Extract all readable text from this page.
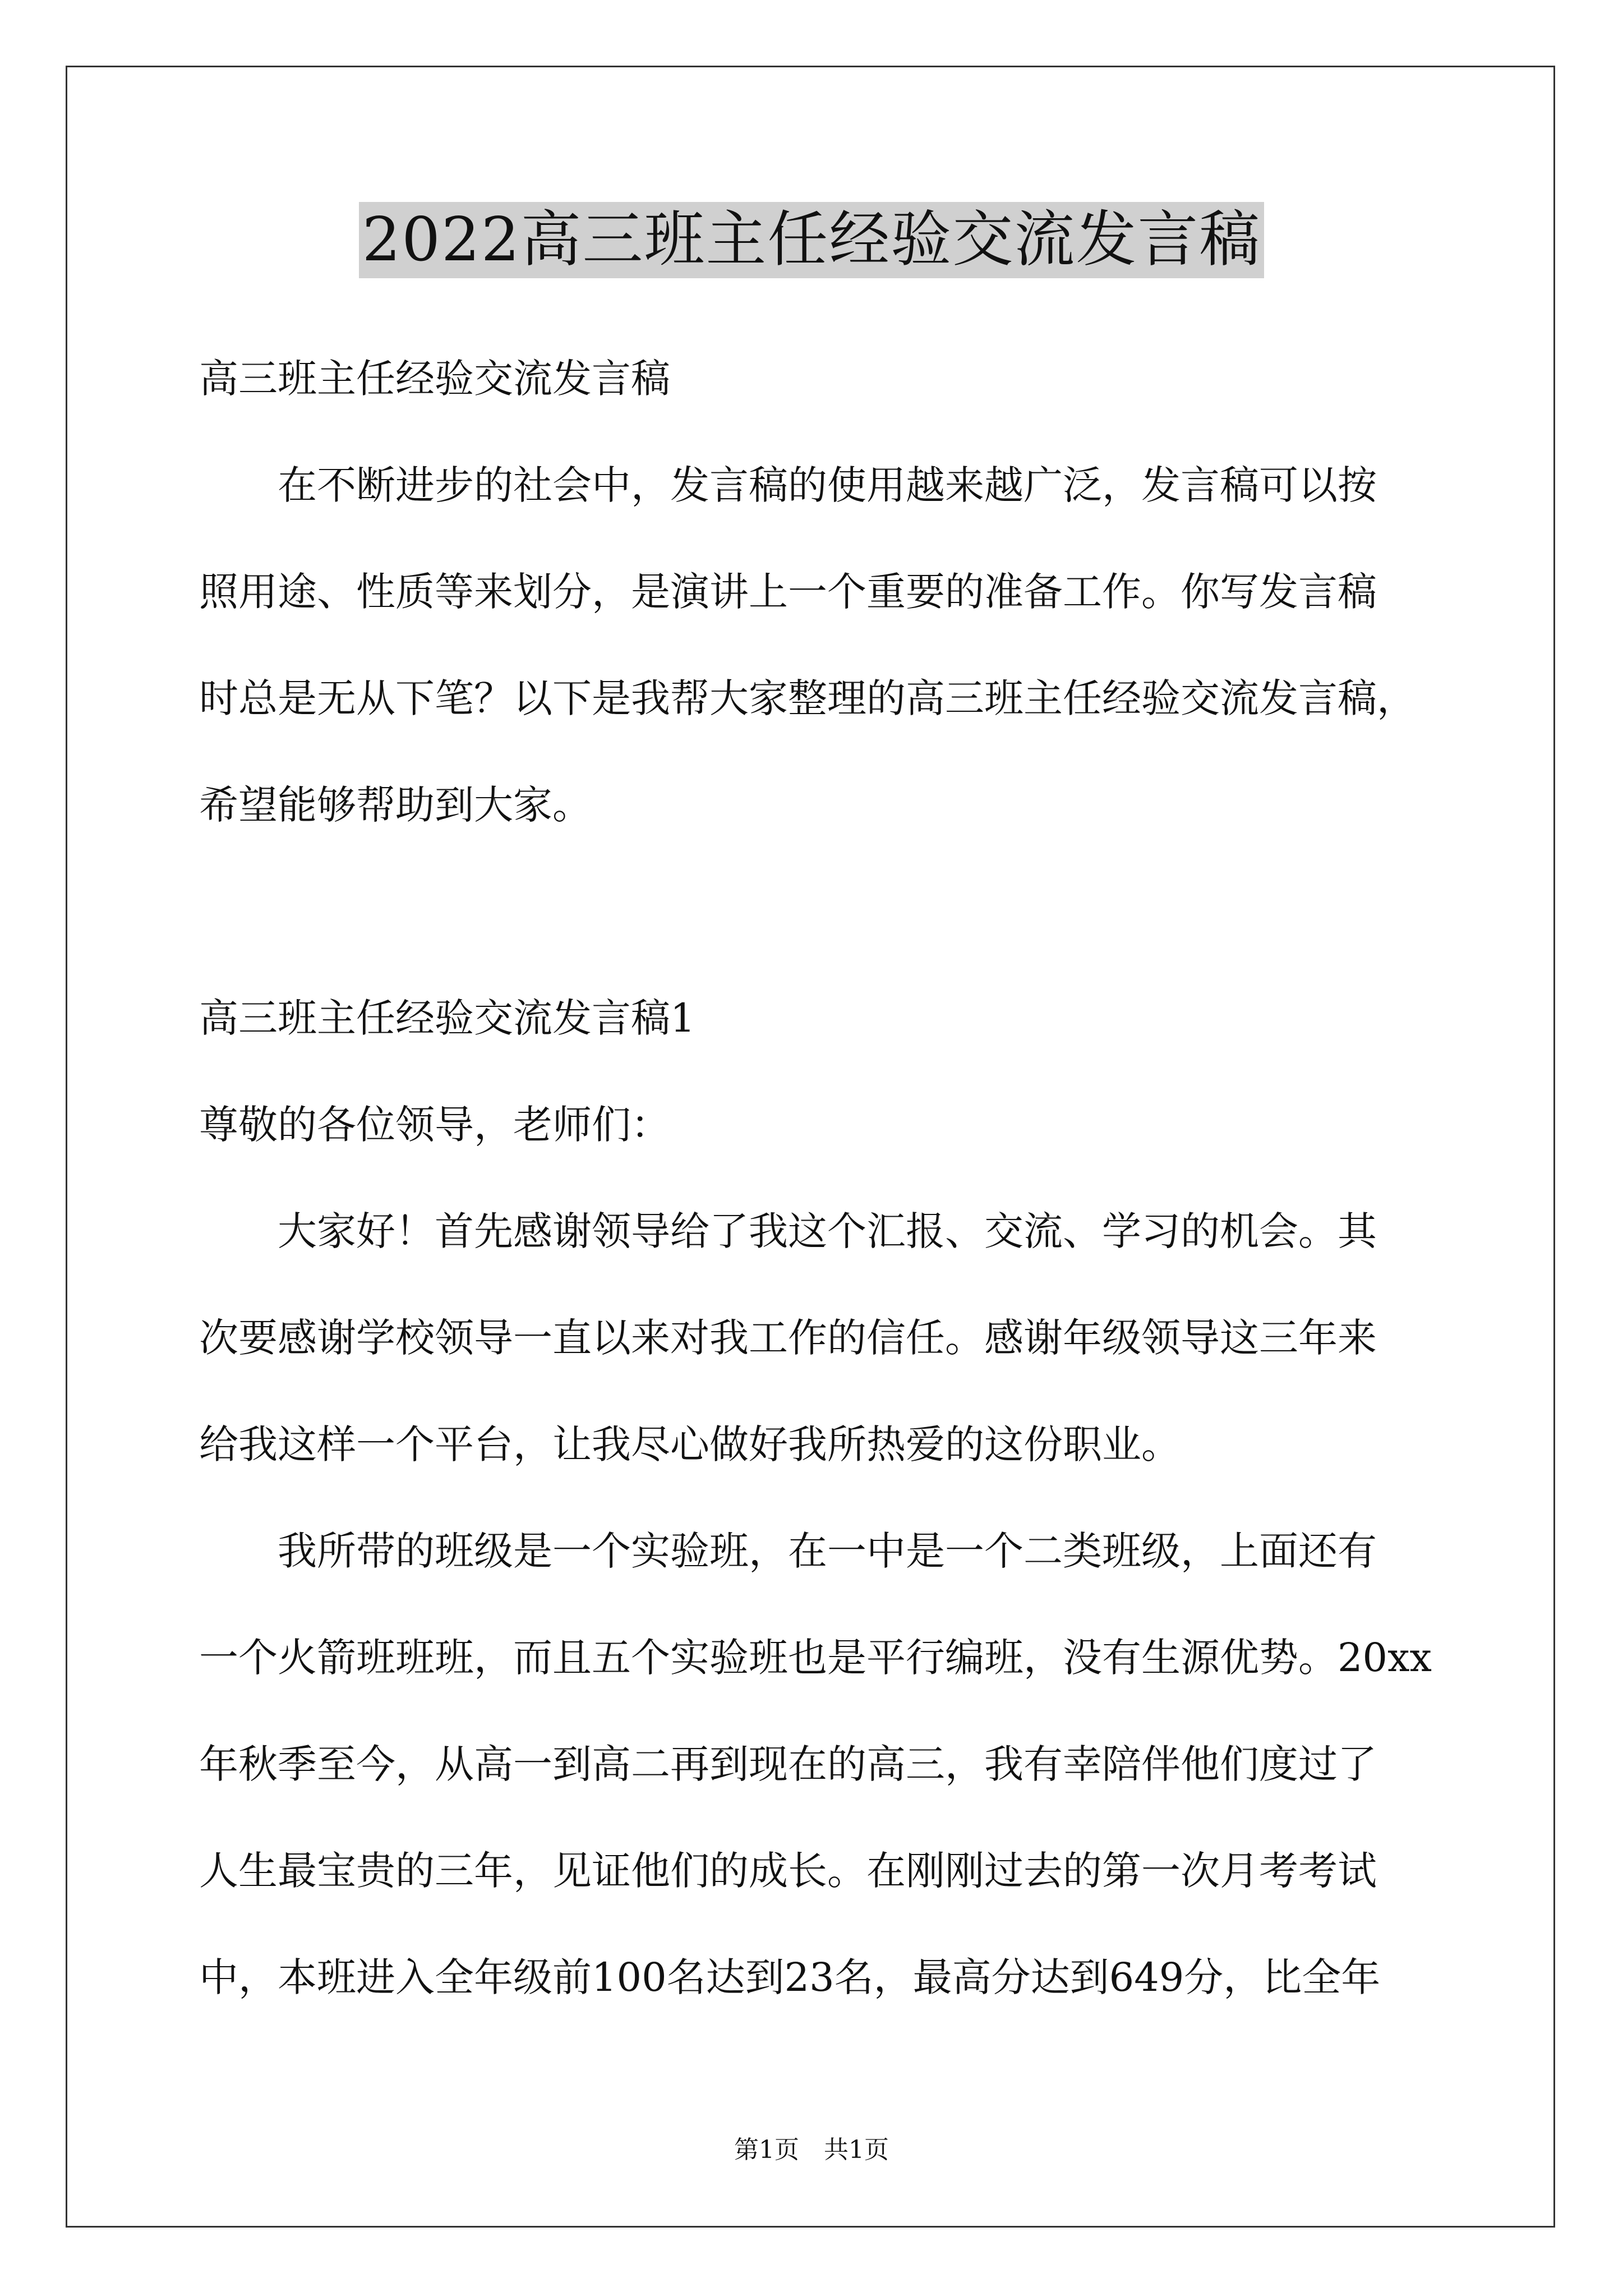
2022高三班主任经验交流发言稿
高三班主任经验交流发言稿
　　在不断进步的社会中，发言稿的使用越来越广泛，发言稿可以按
照用途、性质等来划分，是演讲上一个重要的准备工作。你写发言稿
时总是无从下笔？以下是我帮大家整理的高三班主任经验交流发言稿，
希望能够帮助到大家。
高三班主任经验交流发言稿1
尊敬的各位领导，老师们：
　　大家好！首先感谢领导给了我这个汇报、交流、学习的机会。其
次要感谢学校领导一直以来对我工作的信任。感谢年级领导这三年来
给我这样一个平台，让我尽心做好我所热爱的这份职业。
　　我所带的班级是一个实验班，在一中是一个二类班级，上面还有
一个火箭班班班，而且五个实验班也是平行编班，没有生源优势。20xx
年秋季至今，从高一到高二再到现在的高三，我有幸陪伴他们度过了
人生最宝贵的三年，见证他们的成长。在刚刚过去的第一次月考考试
中，本班进入全年级前100名达到23名，最高分达到649分，比全年
第1页　共1页
